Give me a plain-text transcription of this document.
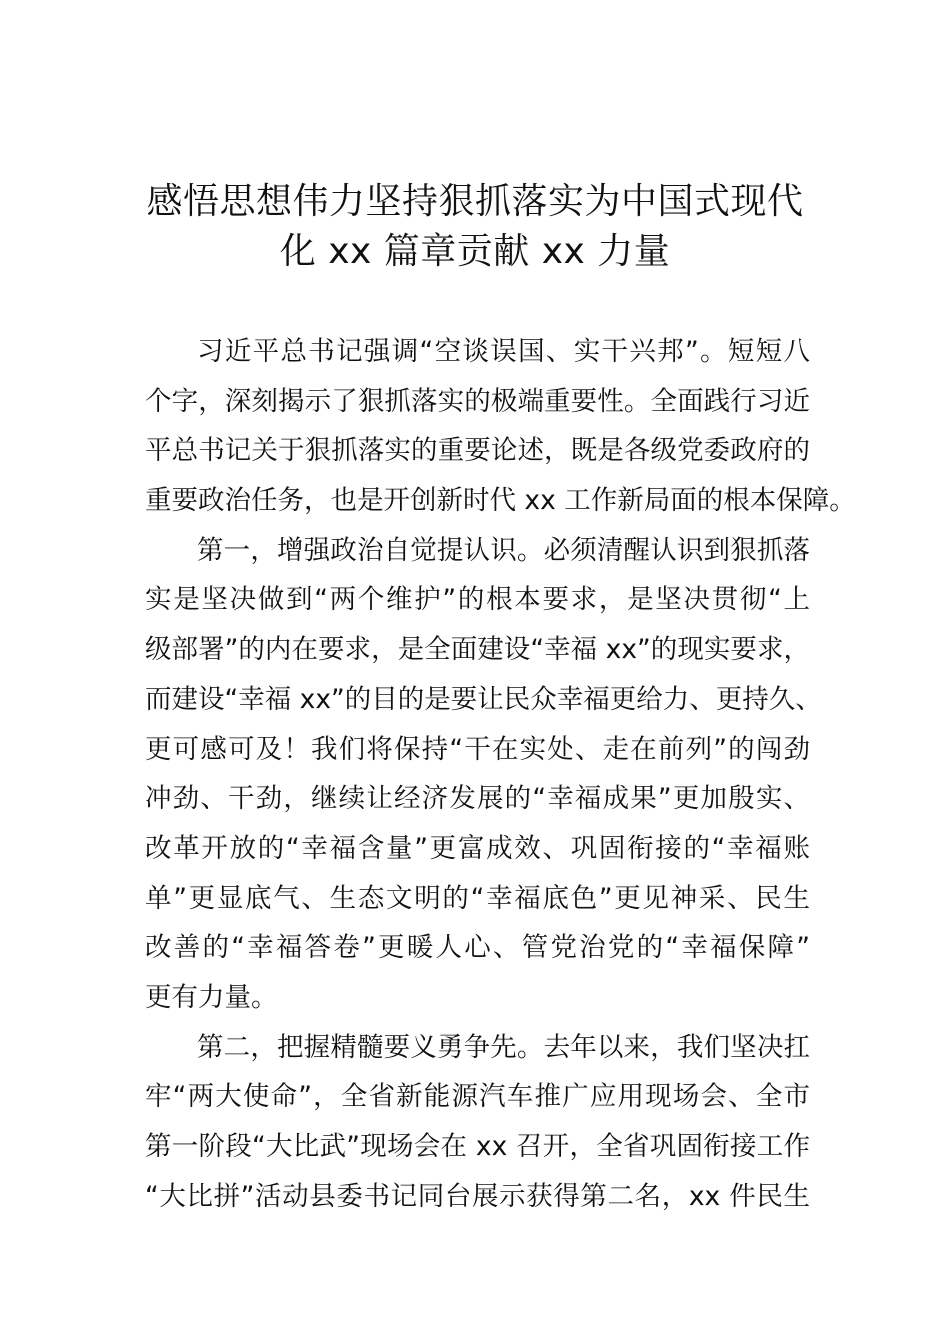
感悟思想伟力坚持狠抓落实为中国式现代
化 xx 篇章贡献 xx 力量
习近平总书记强调“空谈误国、实干兴邦”。短短八
个字，深刻揭示了狠抓落实的极端重要性。全面践行习近
平总书记关于狠抓落实的重要论述，既是各级党委政府的
重要政治任务，也是开创新时代 xx 工作新局面的根本保障。
第一，增强政治自觉提认识。必须清醒认识到狠抓落
实是坚决做到“两个维护”的根本要求，是坚决贯彻“上
级部署”的内在要求，是全面建设“幸福 xx”的现实要求，
而建设“幸福 xx”的目的是要让民众幸福更给力、更持久、
更可感可及！我们将保持“干在实处、走在前列”的闯劲
冲劲、干劲，继续让经济发展的“幸福成果”更加殷实、
改革开放的“幸福含量”更富成效、巩固衔接的“幸福账
单”更显底气、生态文明的“幸福底色”更见神采、民生
改善的“幸福答卷”更暖人心、管党治党的“幸福保障”
更有力量。
第二，把握精髓要义勇争先。去年以来，我们坚决扛
牢“两大使命”，全省新能源汽车推广应用现场会、全市
第一阶段“大比武”现场会在 xx 召开，全省巩固衔接工作
“大比拼”活动县委书记同台展示获得第二名，xx 件民生
